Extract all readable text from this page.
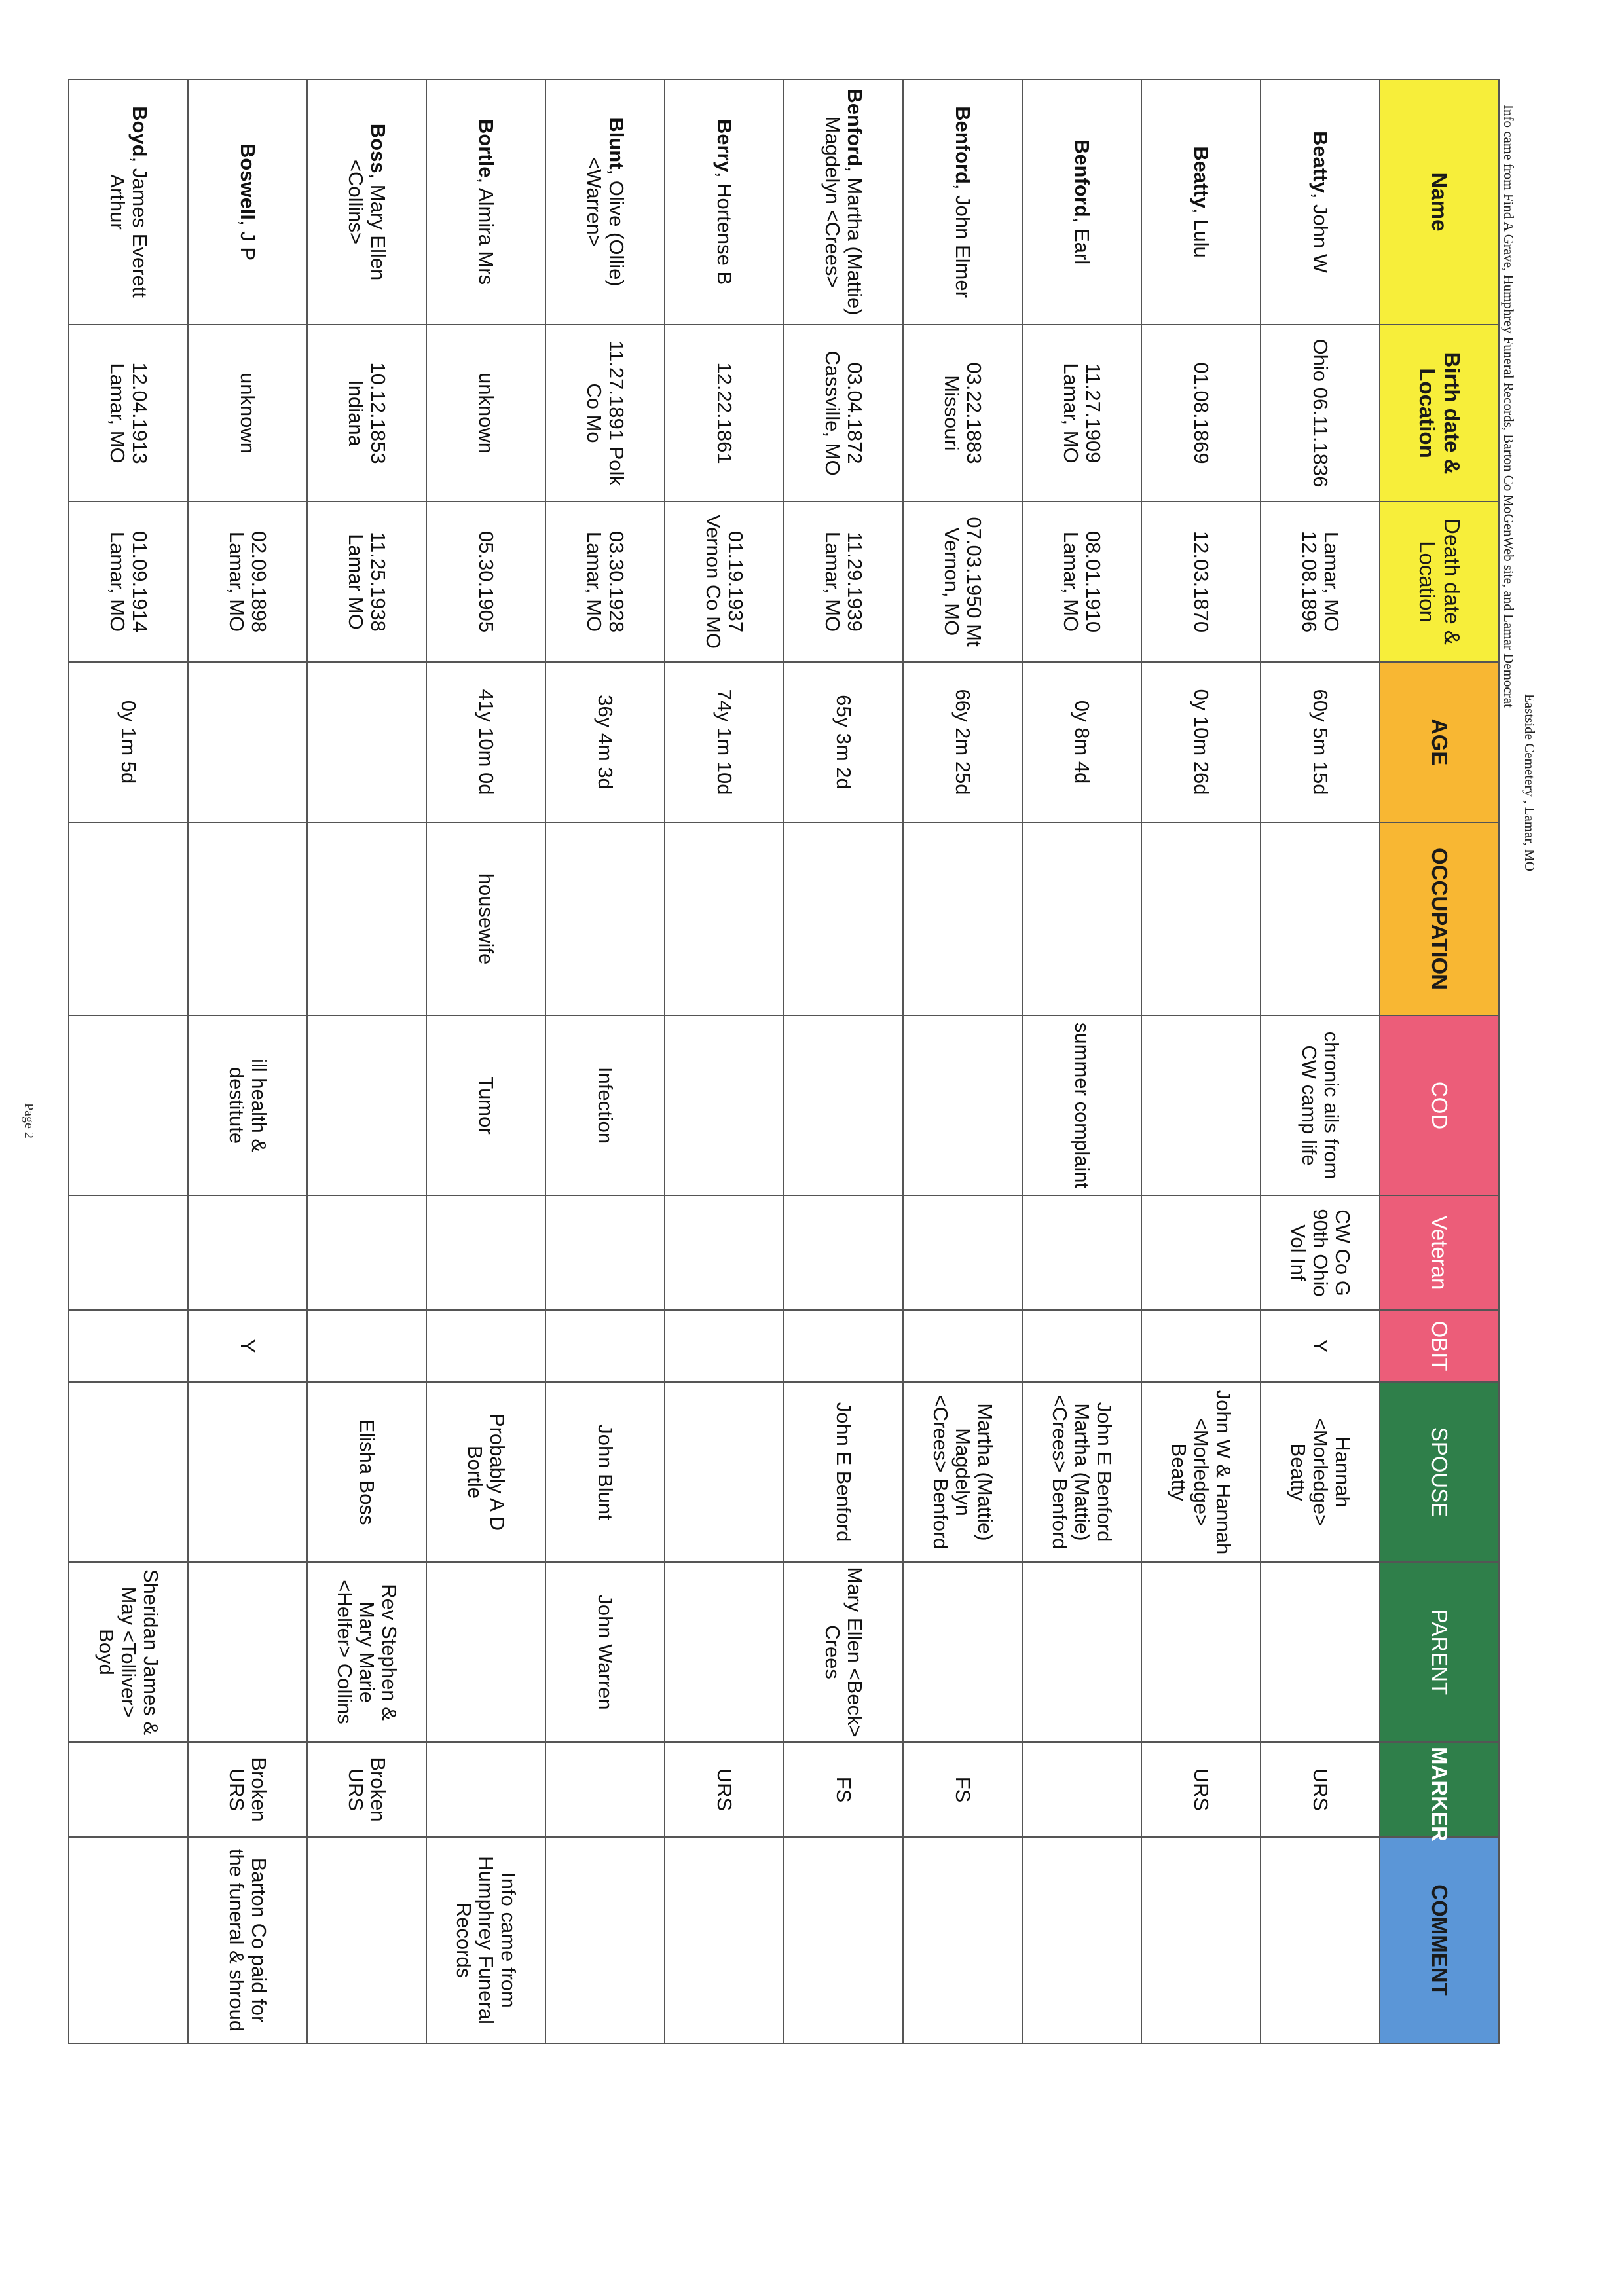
Eastside Cemetery , Lamar, MO
Info came from Find A Grave, Humphrey Funeral Records, Barton Co MoGenWeb site, and Lamar Democrat
Name	Birth date & Location	Death date & Location	AGE	OCCUPATION	COD	Veteran	OBIT	SPOUSE	PARENT	MARKER	COMMENT
Beatty, John W	Ohio 06.11.1836	Lamar, MO 12.08.1896	60y 5m 15d		chronic ails from CW camp life	CW Co G 90th Ohio Vol Inf	Y	Hannah <Morledge> Beatty		URS	
Beatty, Lulu	01.08.1869	12.03.1870	0y 10m 26d					John W & Hannah <Morledge> Beatty		URS	
Benford, Earl	11.27.1909 Lamar, MO	08.01.1910 Lamar, MO	0y 8m 4d		summer complaint			John E Benford Martha (Mattie) <Crees> Benford			
Benford, John Elmer	03.22.1883 Missouri	07.03.1950 Mt Vernon, MO	66y 2m 25d					Martha (Mattie) Magdelyn <Crees> Benford		FS	
Benford, Martha (Mattie) Magdelyn <Crees>	03.04.1872 Cassville, MO	11.29.1939 Lamar, MO	65y 3m 2d					John E Benford	Mary Ellen <Beck> Crees	FS	
Berry, Hortense B	12.22.1861	01.19.1937 Vernon Co MO	74y 1m 10d							URS	
Blunt, Olive (Ollie) <Warren>	11.27.1891 Polk Co Mo	03.30.1928 Lamar, MO	36y 4m 3d		Infection			John Blunt	John Warren		
Bortle, Almira Mrs	unknown	05.30.1905	41y 10m 0d	housewife	Tumor			Probably A D Bortle			Info came from Humphrey Funeral Records
Boss, Mary Ellen <Collins>	10.12.1853 Indiana	11.25.1938 Lamar MO						Elisha Boss	Rev Stephen & Mary Marie <Helfer> Collins	Broken URS	
Boswell, J P	unknown	02.09.1898 Lamar, MO			ill health & destitute		Y			Broken URS	Barton Co paid for the funeral & shroud
Boyd, James Everett Arthur	12.04.1913 Lamar, MO	01.09.1914 Lamar, MO	0y 1m 5d						Sheridan James & May <Tolliver> Boyd		
Page 2
